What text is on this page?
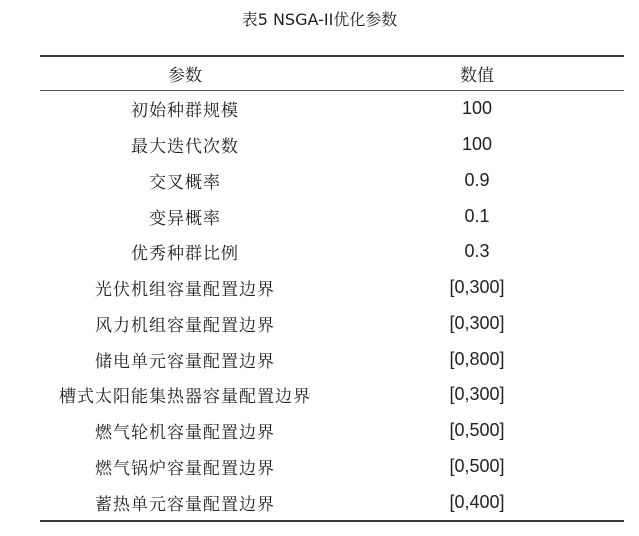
表5 NSGA-II优化参数
参数	数值
初始种群规模	100
最大迭代次数	100
交叉概率	0.9
变异概率	0.1
优秀种群比例	0.3
光伏机组容量配置边界	[0,300]
风力机组容量配置边界	[0,300]
储电单元容量配置边界	[0,800]
槽式太阳能集热器容量配置边界	[0,300]
燃气轮机容量配置边界	[0,500]
燃气锅炉容量配置边界	[0,500]
蓄热单元容量配置边界	[0,400]
